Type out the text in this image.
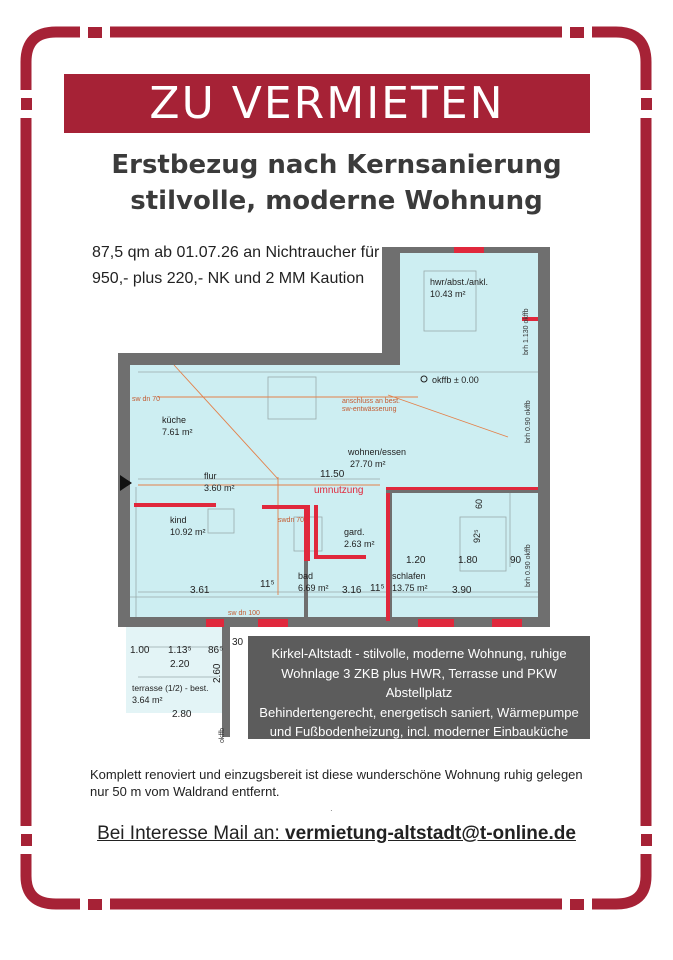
ZU VERMIETEN
Erstbezug nach Kernsanierung
stilvolle, moderne Wohnung
87,5 qm ab 01.07.26 an Nichtraucher für
950,- plus 220,- NK und 2 MM Kaution	hwr/abst./ankl.
10.43 m²
küche
7.61 m²
wohnen/essen
27.70 m²
flur
3.60 m²
kind
10.92 m²	gard.
2.63 m²
bad
6.69 m²
schlafen
13.75 m²
terrasse (1/2) - best.
3.64 m²
anschluss an best.
sw-entwässerung
sw dn 70
swdn 70
sw dn 100
okffb ± 0.00
umnutzung
brh 1.130 okffb
brh 0.90 okffb
brh 0.90 okffb
okffb
11.50
3.61
11⁵
3.16 11⁵	3.90
1.20	1.80	90
1.00 1.13⁵ 86⁵
30
2.20
2.80
60
92⁵
2.60
Kirkel-Altstadt - stilvolle, moderne Wohnung, ruhige
Wohnlage 3 ZKB plus HWR, Terrasse und PKW Abstellplatz
Behindertengerecht, energetisch saniert, Wärmepumpe
und Fußbodenheizung, incl. moderner Einbauküche
Komplett renoviert und einzugsbereit ist diese wunderschöne Wohnung ruhig gelegen
nur 50 m vom Waldrand entfernt.
·
Bei Interesse Mail an: vermietung-altstadt@t-online.de
